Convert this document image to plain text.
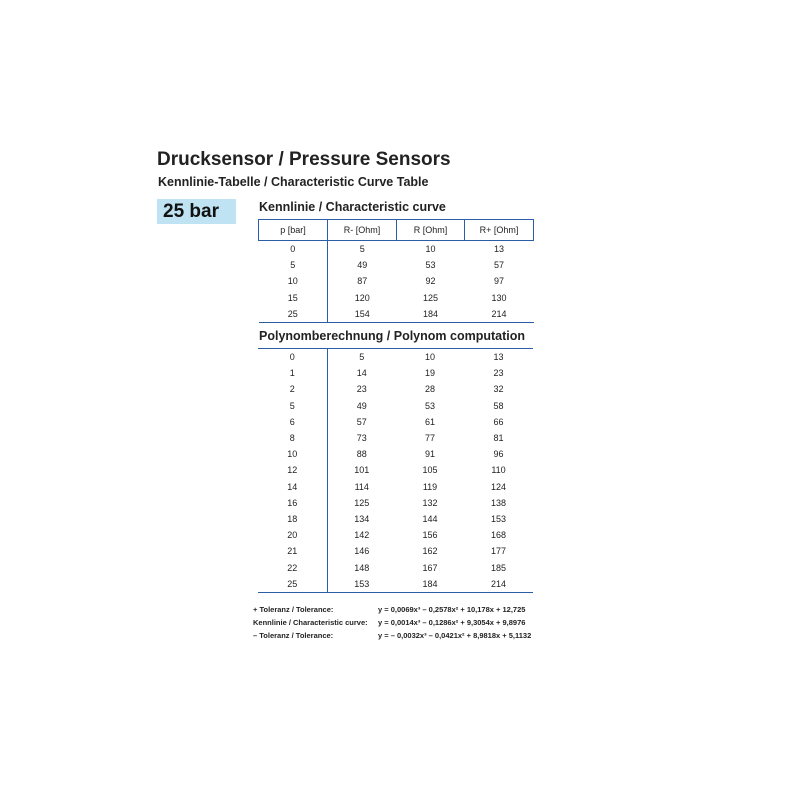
Drucksensor / Pressure Sensors
Kennlinie-Tabelle / Characteristic Curve Table
25 bar	Kennlinie / Characteristic curve
p [bar]	R- [Ohm]	R [Ohm]	R+ [Ohm]
0	5	10	13
5	49	53	57
10	87	92	97
15	120	125	130
25	154	184	214
Polynomberechnung / Polynom computation
0	5	10	13
1	14	19	23
2	23	28	32
5	49	53	58
6	57	61	66
8	73	77	81
10	88	91	96
12	101	105	110
14	114	119	124
16	125	132	138
18	134	144	153
20	142	156	168
21	146	162	177
22	148	167	185
25	153	184	214
+ Toleranz / Tolerance:	y = 0,0069x³ – 0,2578x² + 10,178x + 12,725
Kennlinie / Characteristic curve: y = 0,0014x³ – 0,1286x² + 9,3054x + 9,8976
– Toleranz / Tolerance:	y = – 0,0032x³ – 0,0421x² + 8,9818x + 5,1132
